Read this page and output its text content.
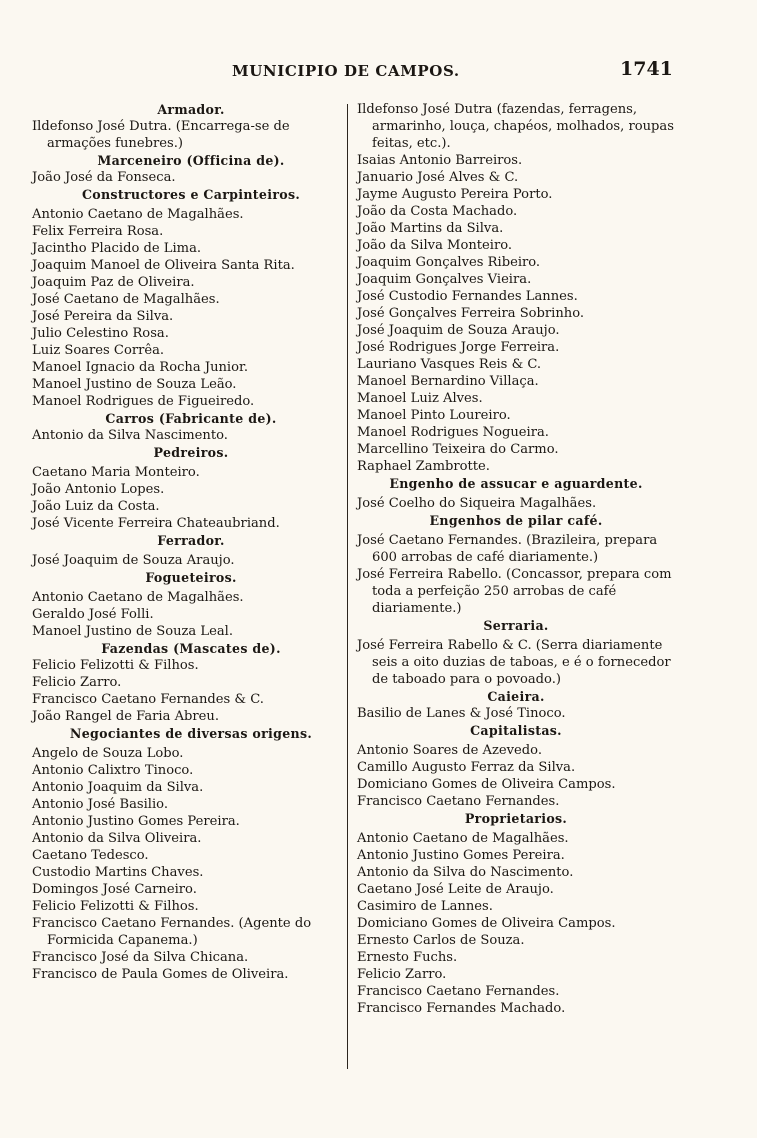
MUNICIPIO DE CAMPOS.	1741
Armador.
Ildefonso José Dutra. (Encarrega-se de armações funebres.)
Marceneiro (Officina de).
João José da Fonseca.
Constructores e Carpinteiros.
Antonio Caetano de Magalhães.
Felix Ferreira Rosa.
Jacintho Placido de Lima.
Joaquim Manoel de Oliveira Santa Rita.
Joaquim Paz de Oliveira.
José Caetano de Magalhães.
José Pereira da Silva.
Julio Celestino Rosa.
Luiz Soares Corrêa.
Manoel Ignacio da Rocha Junior.
Manoel Justino de Souza Leão.
Manoel Rodrigues de Figueiredo.
Carros (Fabricante de).
Antonio da Silva Nascimento.
Pedreiros.
Caetano Maria Monteiro.
João Antonio Lopes.
João Luiz da Costa.
José Vicente Ferreira Chateaubriand.
Ferrador.
José Joaquim de Souza Araujo.
Fogueteiros.
Antonio Caetano de Magalhães.
Geraldo José Folli.
Manoel Justino de Souza Leal.
Fazendas (Mascates de).
Felicio Felizotti & Filhos.
Felicio Zarro.
Francisco Caetano Fernandes & C.
João Rangel de Faria Abreu.
Negociantes de diversas origens.
Angelo de Souza Lobo.
Antonio Calixtro Tinoco.
Antonio Joaquim da Silva.
Antonio José Basilio.
Antonio Justino Gomes Pereira.
Antonio da Silva Oliveira.
Caetano Tedesco.
Custodio Martins Chaves.
Domingos José Carneiro.
Felicio Felizotti & Filhos.
Francisco Caetano Fernandes. (Agente do Formicida Capanema.)
Francisco José da Silva Chicana.
Francisco de Paula Gomes de Oliveira.
Ildefonso José Dutra (fazendas, ferragens, armarinho, louça, chapéos, molhados, roupas feitas, etc.).
Isaias Antonio Barreiros.
Januario José Alves & C.
Jayme Augusto Pereira Porto.
João da Costa Machado.
João Martins da Silva.
João da Silva Monteiro.
Joaquim Gonçalves Ribeiro.
Joaquim Gonçalves Vieira.
José Custodio Fernandes Lannes.
José Gonçalves Ferreira Sobrinho.
José Joaquim de Souza Araujo.
José Rodrigues Jorge Ferreira.
Lauriano Vasques Reis & C.
Manoel Bernardino Villaça.
Manoel Luiz Alves.
Manoel Pinto Loureiro.
Manoel Rodrigues Nogueira.
Marcellino Teixeira do Carmo.
Raphael Zambrotte.
Engenho de assucar e aguardente.
José Coelho do Siqueira Magalhães.
Engenhos de pilar café.
José Caetano Fernandes. (Brazileira, prepara 600 arrobas de café diariamente.)
José Ferreira Rabello. (Concassor, prepara com toda a perfeição 250 arrobas de café diariamente.)
Serraria.
José Ferreira Rabello & C. (Serra diariamente seis a oito duzias de taboas, e é o fornecedor de taboado para o povoado.)
Caieira.
Basilio de Lanes & José Tinoco.
Capitalistas.
Antonio Soares de Azevedo.
Camillo Augusto Ferraz da Silva.
Domiciano Gomes de Oliveira Campos.
Francisco Caetano Fernandes.
Proprietarios.
Antonio Caetano de Magalhães.
Antonio Justino Gomes Pereira.
Antonio da Silva do Nascimento.
Caetano José Leite de Araujo.
Casimiro de Lannes.
Domiciano Gomes de Oliveira Campos.
Ernesto Carlos de Souza.
Ernesto Fuchs.
Felicio Zarro.
Francisco Caetano Fernandes.
Francisco Fernandes Machado.
